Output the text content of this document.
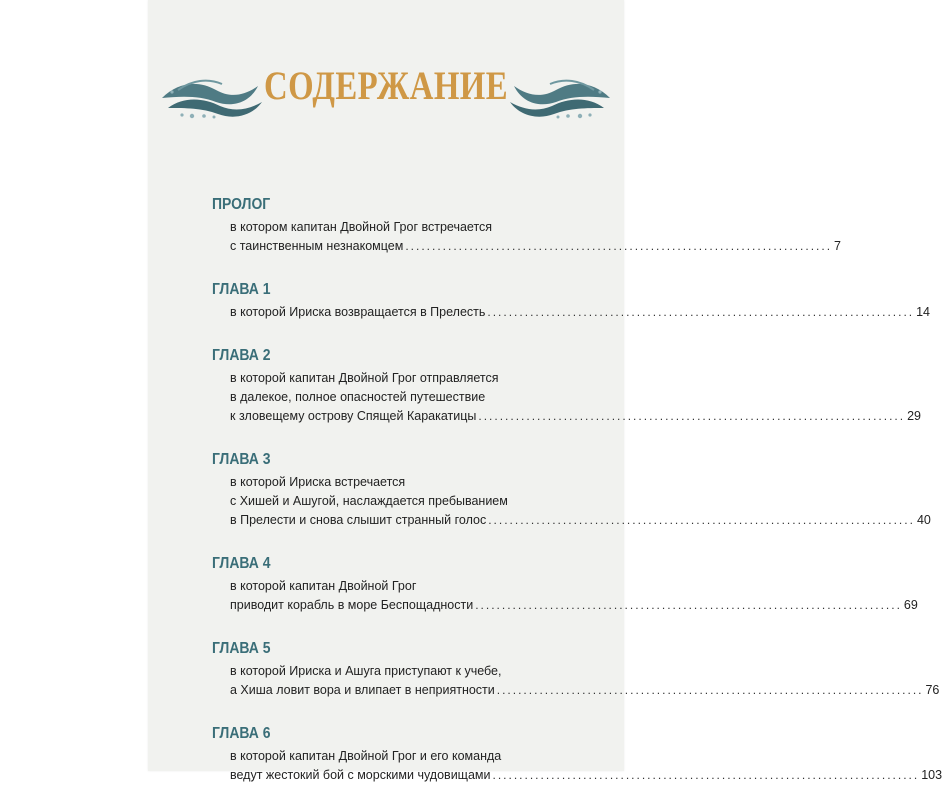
СОДЕРЖАНИЕ
ПРОЛОГ
в котором капитан Двойной Грог встречается
с таинственным незнакомцем ................................................................................ 7
ГЛАВА 1
в которой Ириска возвращается в Прелесть ................................................................................ 14
ГЛАВА 2
в которой капитан Двойной Грог отправляется
в далекое, полное опасностей путешествие
к зловещему острову Спящей Каракатицы ................................................................................ 29
ГЛАВА 3
в которой Ириска встречается
с Хишей и Ашугой, наслаждается пребыванием
в Прелести и снова слышит странный голос ................................................................................ 40
ГЛАВА 4
в которой капитан Двойной Грог
приводит корабль в море Беспощадности ................................................................................ 69
ГЛАВА 5
в которой Ириска и Ашуга приступают к учебе,
а Хиша ловит вора и влипает в неприятности ................................................................................ 76
ГЛАВА 6
в которой капитан Двойной Грог и его команда
ведут жестокий бой с морскими чудовищами ................................................................................ 103
